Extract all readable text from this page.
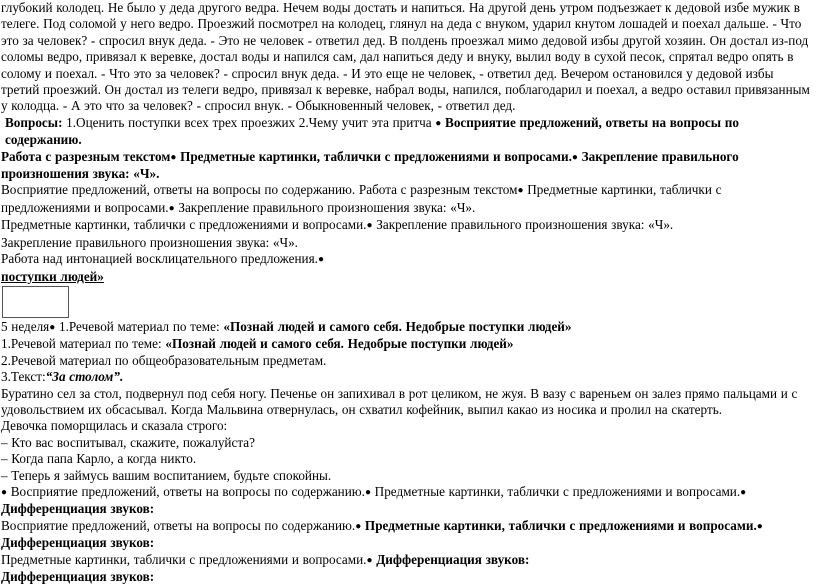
глубокий колодец. Не было у деда другого ведра. Нечем воды достать и напиться. На другой день утром подъезжает к дедовой избе мужик в телеге. Под соломой у него ведро. Проезжий посмотрел на колодец, глянул на деда с внуком, ударил кнутом лошадей и поехал дальше. - Что это за человек? - спросил внук деда. - Это не человек - ответил дед. В полдень проезжал мимо дедовой избы другой хозяин. Он достал из-под соломы ведро, привязал к веревке, достал воды и напился сам, дал напиться деду и внуку, вылил воду в сухой песок, спрятал ведро опять в солому и поехал. - Что это за человек? - спросил внук деда. - И это еще не человек, - ответил дед. Вечером остановился у дедовой избы третий проезжий. Он достал из телеги ведро, привязал к веревке, набрал воды, напился, поблагодарил и поехал, а ведро оставил привязанным у колодца. - А это что за человек? - спросил внук. - Обыкновенный человек, - ответил дед.

Вопросы: 1.Оценить поступки всех трех проезжих 2.Чему учит эта притча ● Восприятие предложений, ответы на вопросы по содержанию.

Работа с разрезным текстом● Предметные картинки, таблички с предложениями и вопросами.● Закрепление правильного произношения звука: «Ч».

Восприятие предложений, ответы на вопросы по содержанию. Работа с разрезным текстом● Предметные картинки, таблички с предложениями и вопросами.● Закрепление правильного произношения звука: «Ч».

Предметные картинки, таблички с предложениями и вопросами.● Закрепление правильного произношения звука: «Ч».

Закрепление правильного произношения звука: «Ч».

Работа над интонацией восклицательного предложения.●

поступки людей»

5 неделя● 1.Речевой материал по теме: «Познай людей и самого себя. Недобрые поступки людей»

1.Речевой материал по теме: «Познай людей и самого себя. Недобрые поступки людей»

2.Речевой материал по общеобразовательным предметам.

3.Текст:“За столом”.

Буратино сел за стол, подвернул под себя ногу. Печенье он запихивал в рот целиком, не жуя. В вазу с вареньем он залез прямо пальцами и с удовольствием их обсасывал. Когда Мальвина отвернулась, он схватил кофейник, выпил какао из носика и пролил на скатерть.

Девочка поморщилась и сказала строго:

– Кто вас воспитывал, скажите, пожалуйста?

– Когда папа Карло, а когда никто.

– Теперь я займусь вашим воспитанием, будьте спокойны.

● Восприятие предложений, ответы на вопросы по содержанию.● Предметные картинки, таблички с предложениями и вопросами.● Дифференциация звуков:

Восприятие предложений, ответы на вопросы по содержанию.● Предметные картинки, таблички с предложениями и вопросами.● Дифференциация звуков:

Предметные картинки, таблички с предложениями и вопросами.● Дифференциация звуков:

Дифференциация звуков:
